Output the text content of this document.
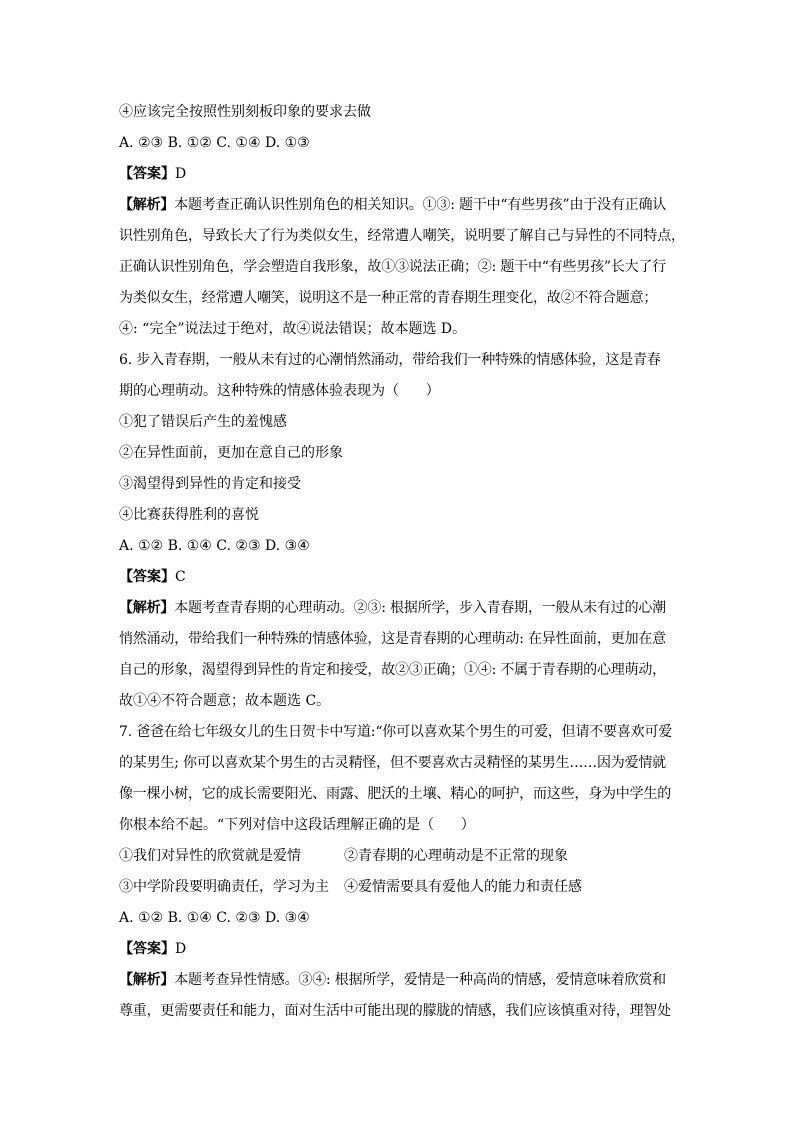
④应该完全按照性别刻板印象的要求去做
A. ②③ B. ①② C. ①④ D. ①③
【答案】D
【解析】本题考查正确认识性别角色的相关知识。①③: 题干中“有些男孩”由于没有正确认
识性别角色，导致长大了行为类似女生，经常遭人嘲笑，说明要了解自己与异性的不同特点，
正确认识性别角色，学会塑造自我形象，故①③说法正确；②: 题干中“有些男孩”长大了行
为类似女生，经常遭人嘲笑，说明这不是一种正常的青春期生理变化，故②不符合题意；
④: “完全”说法过于绝对，故④说法错误；故本题选 D。
6. 步入青春期，一般从未有过的心潮悄然涌动，带给我们一种特殊的情感体验，这是青春
期的心理萌动。这种特殊的情感体验表现为（      ）
①犯了错误后产生的羞愧感
②在异性面前，更加在意自己的形象
③渴望得到异性的肯定和接受
④比赛获得胜利的喜悦
A. ①② B. ①④ C. ②③ D. ③④
【答案】C
【解析】本题考查青春期的心理萌动。②③: 根据所学，步入青春期，一般从未有过的心潮
悄然涌动，带给我们一种特殊的情感体验，这是青春期的心理萌动: 在异性面前，更加在意
自己的形象，渴望得到异性的肯定和接受，故②③正确；①④: 不属于青春期的心理萌动，
故①④不符合题意；故本题选 C。
7. 爸爸在给七年级女儿的生日贺卡中写道:“你可以喜欢某个男生的可爱，但请不要喜欢可爱
的某男生; 你可以喜欢某个男生的古灵精怪，但不要喜欢古灵精怪的某男生……因为爱情就
像一棵小树，它的成长需要阳光、雨露、肥沃的土壤、精心的呵护，而这些，身为中学生的
你根本给不起。“下列对信中这段话理解正确的是（      ）
①我们对异性的欣赏就是爱情	②青春期的心理萌动是不正常的现象
③中学阶段要明确责任，学习为主 ④爱情需要具有爱他人的能力和责任感
A. ①② B. ①④ C. ②③ D. ③④
【答案】D
【解析】本题考查异性情感。③④: 根据所学，爱情是一种高尚的情感，爱情意味着欣赏和
尊重，更需要责任和能力，面对生活中可能出现的朦胧的情感，我们应该慎重对待，理智处
